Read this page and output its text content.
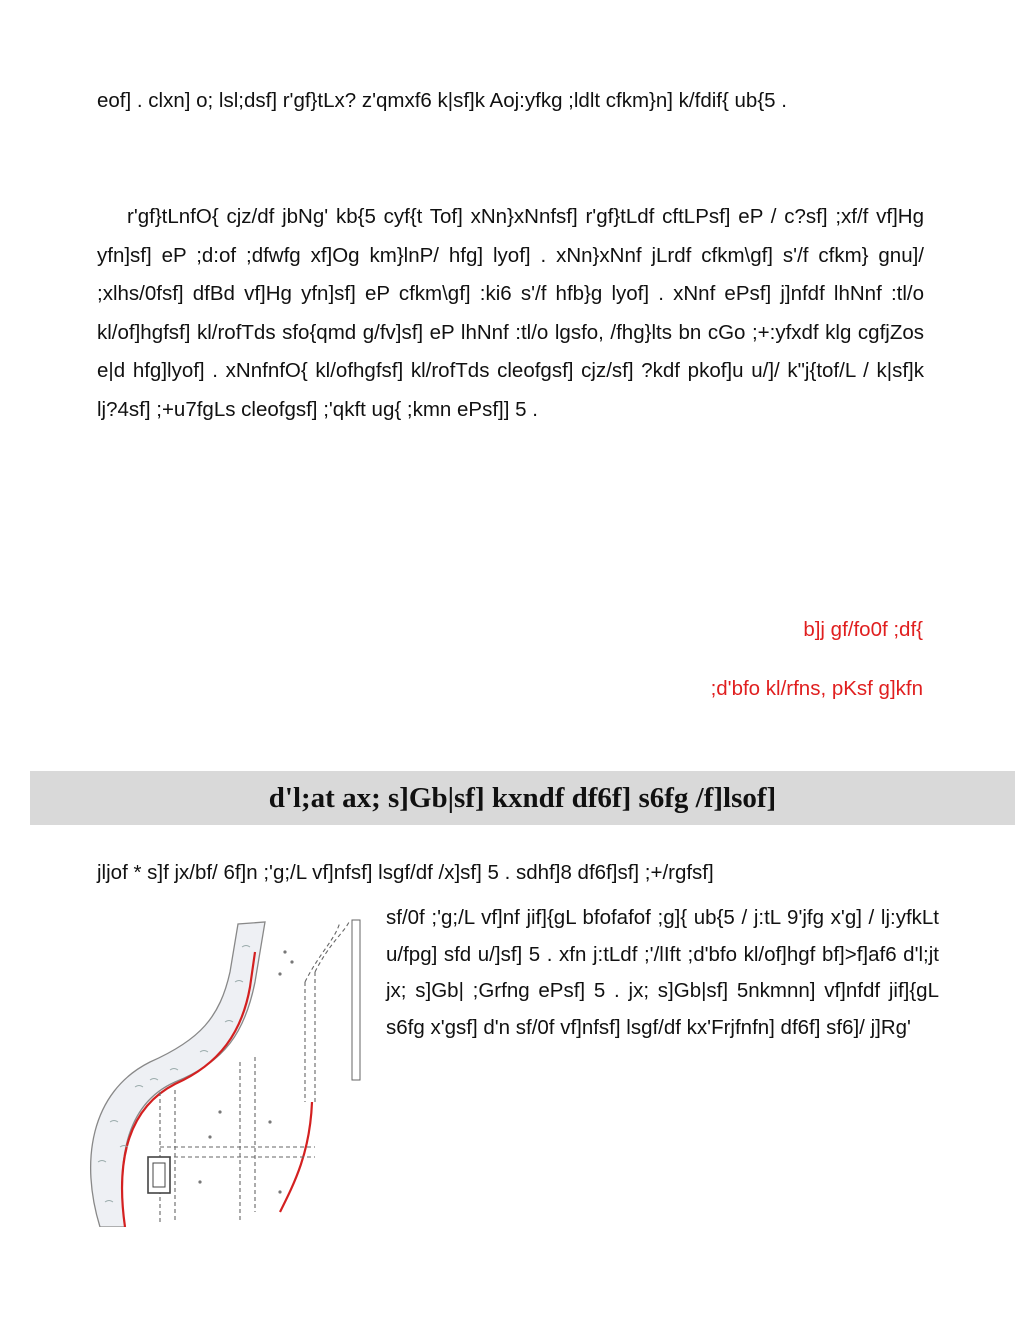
eof] . clxn] o; lsl;dsf] r'gf}tLx? z'qmxf6 k|sf]k Aoj:yfkg ;ldlt cfkm}n] k/fdif{ ub{5 .

r'gf}tLnfO{ cjz/df jbNg' kb{5 cyf{t Tof] xNn}xNnfsf] r'gf}tLdf cftLPsf] eP / c?sf] ;xf/f vf]Hg yfn]sf] eP ;d:of ;dfwfg xf]Og km}lnP/ hfg] lyof] . xNn}xNnf jLrdf cfkm\gf] s'/f cfkm} gnu]/ ;xlhs/0fsf] dfBd vf]Hg yfn]sf] eP cfkm\gf] :ki6 s'/f hfb}g lyof] . xNnf ePsf] j]nfdf lhNnf :tl/o kl/of]hgfsf] kl/rofTds sfo{qmd g/fv]sf] eP lhNnf :tl/o lgsfo, /fhg}lts bn cGo ;+:yfxdf klg cgfjZos e|d hfg]lyof] . xNnfnfO{ kl/ofhgfsf] kl/rofTds cleofgsf] cjz/sf] ?kdf pkof]u u/]/ k"j{tof/L / k|sf]k lj?4sf] ;+u7fgLs cleofgsf] ;'qkft ug{ ;kmn ePsf]] 5 .

b]j gf/fo0f ;df{

;d'bfo kl/rfns, pKsf g]kfn

d'l;at ax; s]Gb|sf] kxndf df6f] s6fg /f]lsof]

jljof * s]f jx/bf/ 6f]n ;'g;/L vf]nfsf] lsgf/df /x]sf] 5 . sdhf]8 df6f]sf] ;+/rgfsf]

sf/0f ;'g;/L vf]nf jif]{gL bfofafof ;g]{ ub{5 / j:tL 9'jfg x'g] / lj:yfkLt u/fpg] sfd u/]sf] 5 . xfn j:tLdf ;'/lIft ;d'bfo kl/of]hgf bf]>f]af6 d'l;jt jx; s]Gb| ;Grfng ePsf] 5 . jx; s]Gb|sf] 5nkmnn] vf]nfdf jif]{gL s6fg x'gsf] d'n sf/0f vf]nfsf] lsgf/df kx'Frjfnfn] df6f] sf6]/ j]Rg'
